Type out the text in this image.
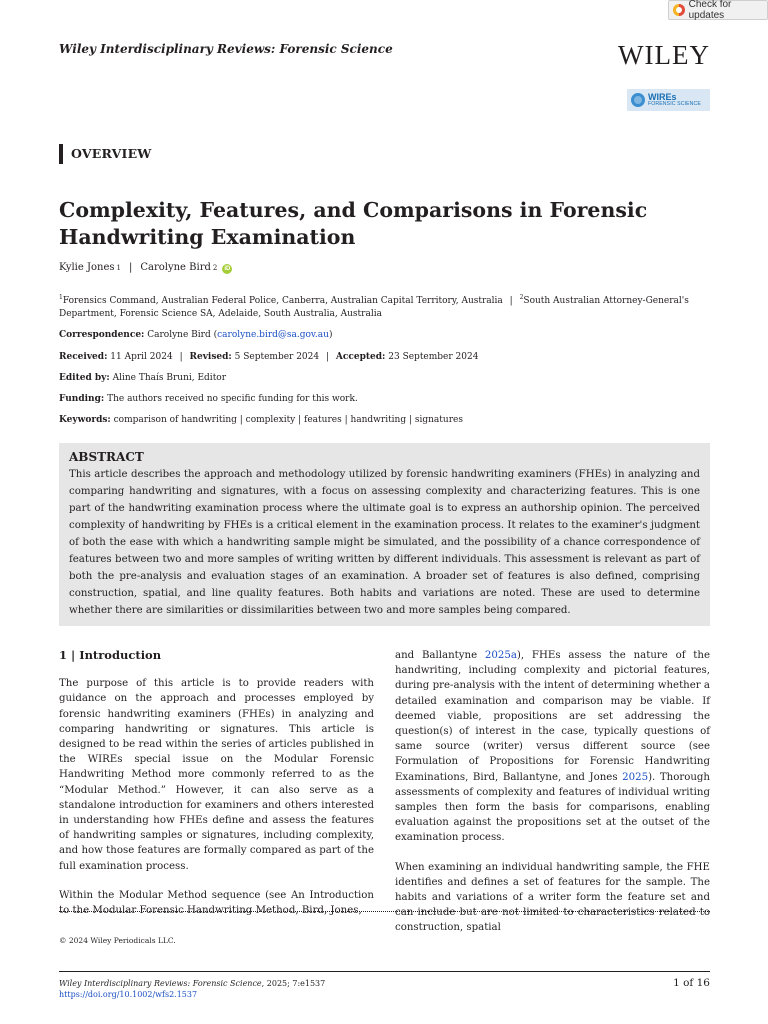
Check for updates
Wiley Interdisciplinary Reviews: Forensic Science	WILEY
WIREs
FORENSIC SCIENCE
OVERVIEW
Complexity, Features, and Comparisons in Forensic Handwriting Examination
Kylie Jones 1 | Carolyne Bird 2	iD
$^1$Forensics Command, Australian Federal Police, Canberra, Australian Capital Territory, Australia | $^2$South Australian Attorney-General's Department, Forensic Science SA, Adelaide, South Australia, Australia
Correspondence: Carolyne Bird (carolyne.bird@sa.gov.au)
Received: 11 April 2024 | Revised: 5 September 2024 | Accepted: 23 September 2024
Edited by: Aline Thaís Bruni, Editor
Funding: The authors received no specific funding for this work.
Keywords: comparison of handwriting | complexity | features | handwriting | signatures
ABSTRACT
This article describes the approach and methodology utilized by forensic handwriting examiners (FHEs) in analyzing and comparing handwriting and signatures, with a focus on assessing complexity and characterizing features. This is one part of the handwriting examination process where the ultimate goal is to express an authorship opinion. The perceived complexity of handwriting by FHEs is a critical element in the examination process. It relates to the examiner's judgment of both the ease with which a handwriting sample might be simulated, and the possibility of a chance correspondence of features between two and more samples of writing written by different individuals. This assessment is relevant as part of both the pre-analysis and evaluation stages of an examination. A broader set of features is also defined, comprising construction, spatial, and line quality features. Both habits and variations are noted. These are used to determine whether there are similarities or dissimilarities between two and more samples being compared.
1 | Introduction

The purpose of this article is to provide readers with guidance on the approach and processes employed by forensic handwriting examiners (FHEs) in analyzing and comparing handwriting or signatures. This article is designed to be read within the series of articles published in the WIREs special issue on the Modular Forensic Handwriting Method more commonly referred to as the “Modular Method.” However, it can also serve as a standalone introduction for examiners and others interested in understanding how FHEs define and assess the features of handwriting samples or signatures, including complexity, and how those features are formally compared as part of the full examination process.

Within the Modular Method sequence (see An Introduction to the Modular Forensic Handwriting Method, Bird, Jones,

and Ballantyne 2025a), FHEs assess the nature of the handwriting, including complexity and pictorial features, during pre-analysis with the intent of determining whether a detailed examination and comparison may be viable. If deemed viable, propositions are set addressing the question(s) of interest in the case, typically questions of same source (writer) versus different source (see Formulation of Propositions for Forensic Handwriting Examinations, Bird, Ballantyne, and Jones 2025). Thorough assessments of complexity and features of individual writing samples then form the basis for comparisons, enabling evaluation against the propositions set at the outset of the examination process.

When examining an individual handwriting sample, the FHE identifies and defines a set of features for the sample. The habits and variations of a writer form the feature set and can include but are not limited to characteristics related to construction, spatial

© 2024 Wiley Periodicals LLC.
Wiley Interdisciplinary Reviews: Forensic Science, 2025; 7:e1537
https://doi.org/10.1002/wfs2.1537
1 of 16
